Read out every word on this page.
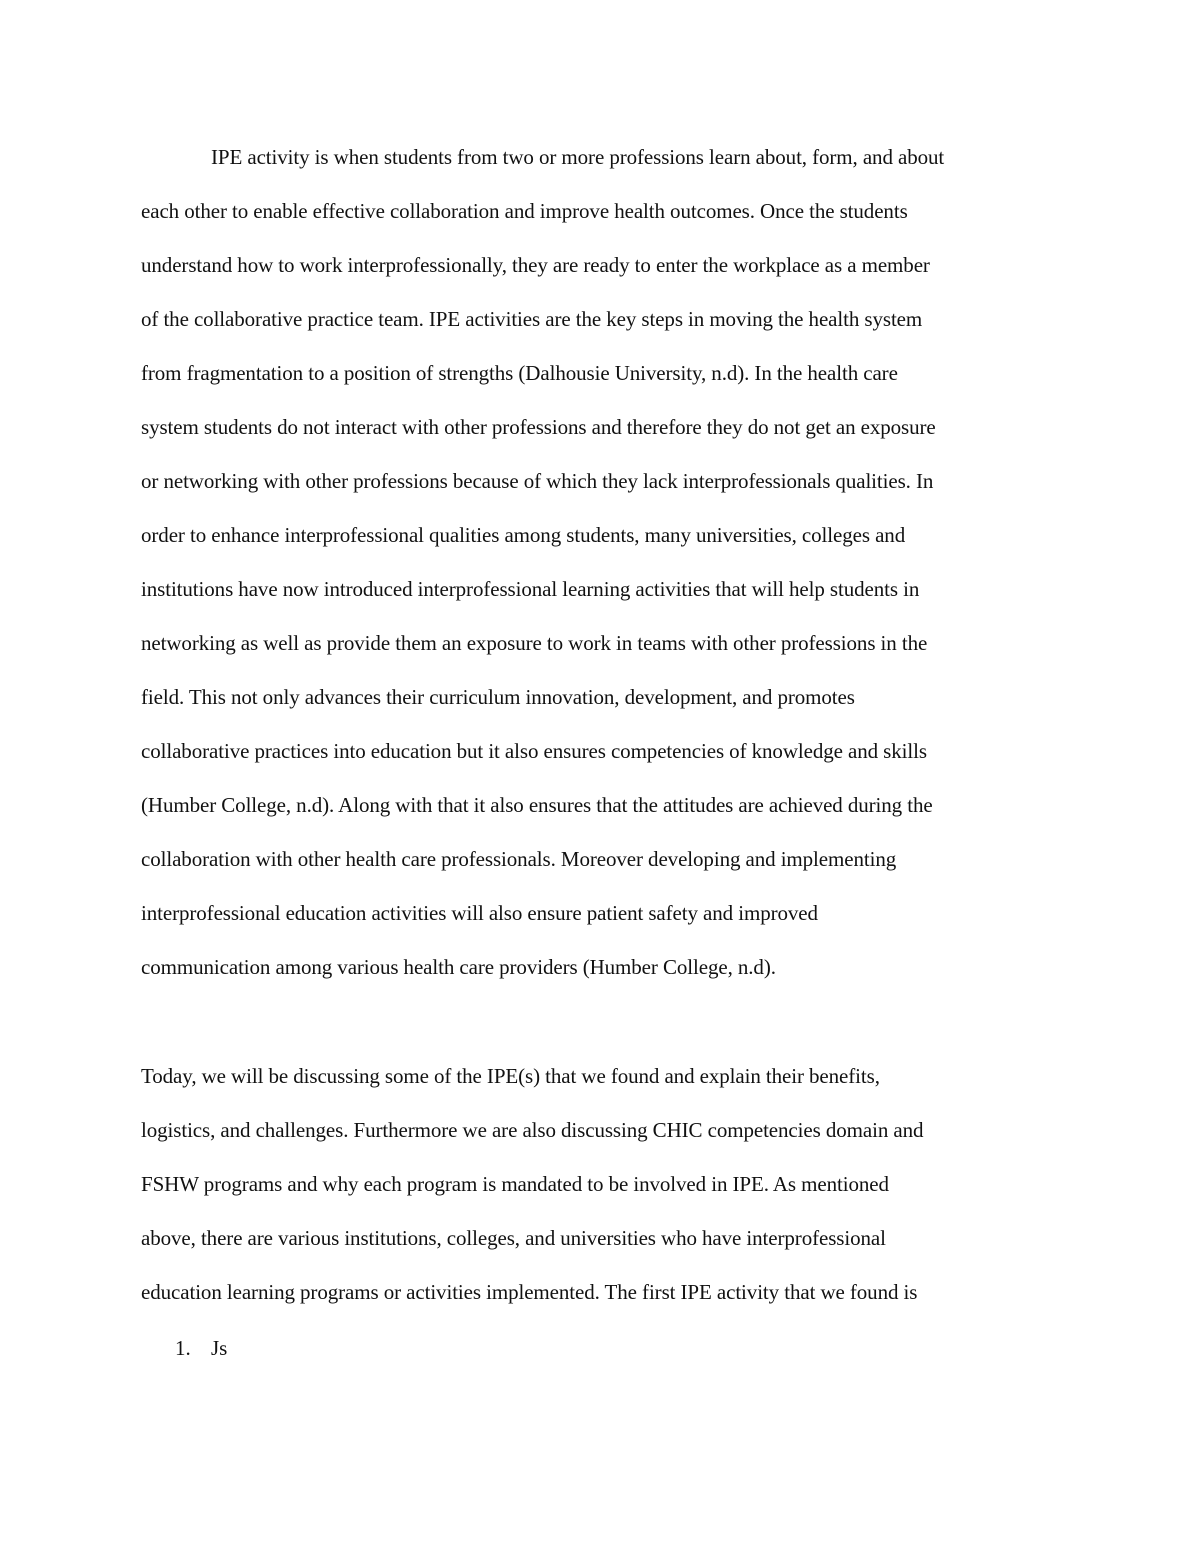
IPE activity is when students from two or more professions learn about, form, and about
each other to enable effective collaboration and improve health outcomes. Once the students
understand how to work interprofessionally, they are ready to enter the workplace as a member
of the collaborative practice team. IPE activities are the key steps in moving the health system
from fragmentation to a position of strengths (Dalhousie University, n.d). In the health care
system students do not interact with other professions and therefore they do not get an exposure
or networking with other professions because of which they lack interprofessionals qualities. In
order to enhance interprofessional qualities among students, many universities, colleges and
institutions have now introduced interprofessional learning activities that will help students in
networking as well as provide them an exposure to work in teams with other professions in the
field. This not only advances their curriculum innovation, development, and promotes
collaborative practices into education but it also ensures competencies of knowledge and skills
(Humber College, n.d). Along with that it also ensures that the attitudes are achieved during the
collaboration with other health care professionals. Moreover developing and implementing
interprofessional education activities will also ensure patient safety and improved
communication among various health care providers (Humber College, n.d).
Today, we will be discussing some of the IPE(s) that we found and explain their benefits,
logistics, and challenges. Furthermore we are also discussing CHIC competencies domain and
FSHW programs and why each program is mandated to be involved in IPE. As mentioned
above, there are various institutions, colleges, and universities who have interprofessional
education learning programs or activities implemented. The first IPE activity that we found is
1. Js
